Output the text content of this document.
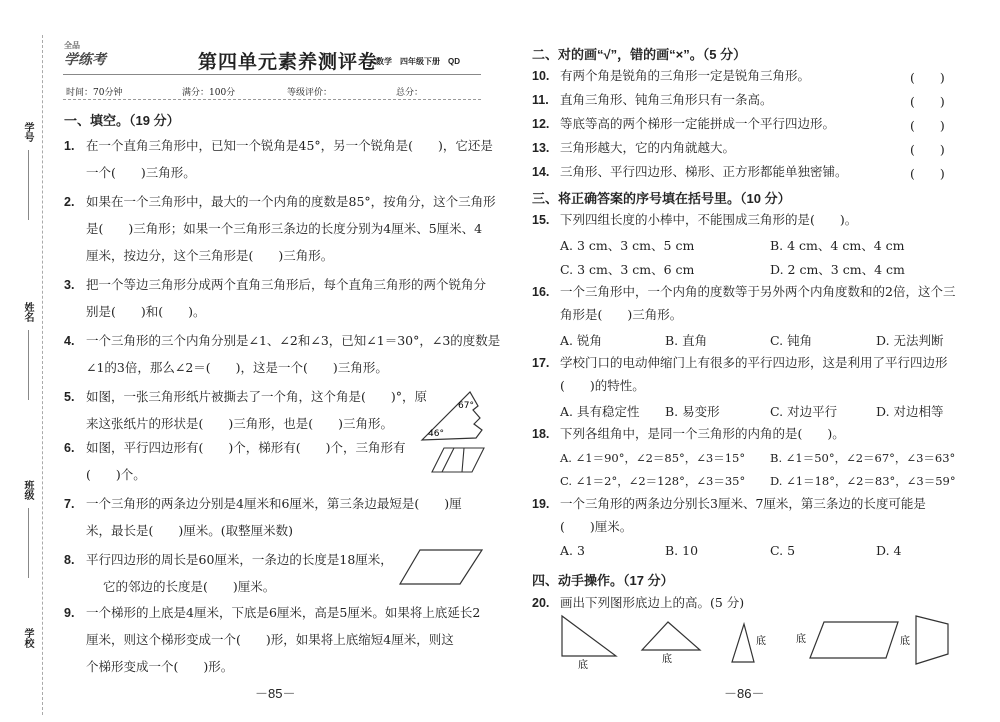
学号
姓名
班级
学校
全品
学练考	第四单元素养测评卷
数学　四年级下册　QD
时间：70分钟	满分：100分	等级评价：	总分：
一、填空。（19 分）
1. 在一个直角三角形中，已知一个锐角是45°，另一个锐角是(　　)，它还是
一个(　　)三角形。
2. 如果在一个三角形中，最大的一个内角的度数是85°，按角分，这个三角形
是(　　)三角形；如果一个三角形三条边的长度分别为4厘米、5厘米、4
厘米，按边分，这个三角形是(　　)三角形。
3. 把一个等边三角形分成两个直角三角形后，每个直角三角形的两个锐角分
别是(　　)和(　　)。
4. 一个三角形的三个内角分别是∠1、∠2和∠3，已知∠1＝30°，∠3的度数是
∠1的3倍，那么∠2＝(　　)，这是一个(　　)三角形。
5. 如图，一张三角形纸片被撕去了一个角，这个角是(　　)°，原
来这张纸片的形状是(　　)三角形，也是(　　)三角形。
67°
46°
6. 如图，平行四边形有(　　)个，梯形有(　　)个，三角形有
(　　)个。
7. 一个三角形的两条边分别是4厘米和6厘米，第三条边最短是(　　)厘
米，最长是(　　)厘米。(取整厘米数)
8. 平行四边形的周长是60厘米，一条边的长度是18厘米，
它的邻边的长度是(　　)厘米。
9. 一个梯形的上底是4厘米，下底是6厘米，高是5厘米。如果将上底延长2
厘米，则这个梯形变成一个(　　)形，如果将上底缩短4厘米，则这
个梯形变成一个(　　)形。
－85－
二、对的画“√”，错的画“×”。（5 分）
10. 有两个角是锐角的三角形一定是锐角三角形。	(　　)
11. 直角三角形、钝角三角形只有一条高。	(　　)
12. 等底等高的两个梯形一定能拼成一个平行四边形。	(　　)
13. 三角形越大，它的内角就越大。	(　　)
14. 三角形、平行四边形、梯形、正方形都能单独密铺。	(　　)
三、将正确答案的序号填在括号里。（10 分）
15. 下列四组长度的小棒中，不能围成三角形的是(　　)。
A. 3 cm、3 cm、5 cm	B. 4 cm、4 cm、4 cm
C. 3 cm、3 cm、6 cm	D. 2 cm、3 cm、4 cm
16. 一个三角形中，一个内角的度数等于另外两个内角度数和的2倍，这个三
角形是(　　)三角形。
A. 锐角	B. 直角	C. 钝角	D. 无法判断
17. 学校门口的电动伸缩门上有很多的平行四边形，这是利用了平行四边形
(　　)的特性。
A. 具有稳定性 B. 易变形	C. 对边平行	D. 对边相等
18. 下列各组角中，是同一个三角形的内角的是(　　)。
A. ∠1＝90°，∠2＝85°，∠3＝15° B. ∠1＝50°，∠2＝67°，∠3＝63°
C. ∠1＝2°，∠2＝128°，∠3＝35° D. ∠1＝18°，∠2＝83°，∠3＝59°
19. 一个三角形的两条边分别长3厘米、7厘米，第三条边的长度可能是
(　　)厘米。
A. 3	B. 10	C. 5	D. 4
四、动手操作。（17 分）
20. 画出下列图形底边上的高。(5 分)
底
底
底	底	底
－86－
